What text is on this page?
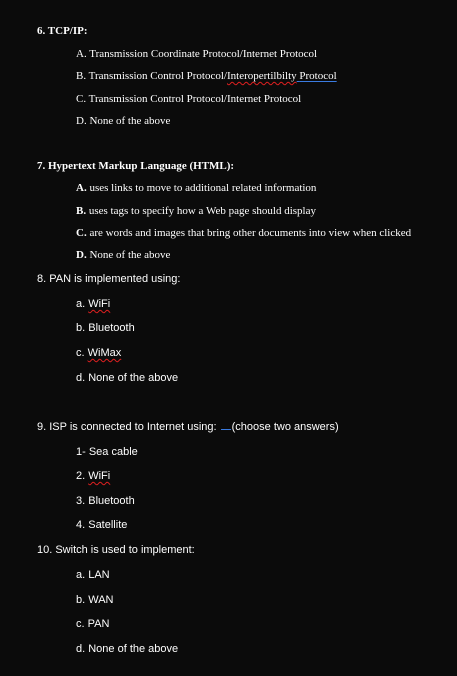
6. TCP/IP:
A. Transmission Coordinate Protocol/Internet Protocol
B. Transmission Control Protocol/Interopertilbilty Protocol
C. Transmission Control Protocol/Internet Protocol
D. None of the above
7. Hypertext Markup Language (HTML):
A. uses links to move to additional related information
B. uses tags to specify how a Web page should display
C. are words and images that bring other documents into view when clicked
D. None of the above
8. PAN is implemented using:
a. WiFi
b. Bluetooth
c. WiMax
d. None of the above
9. ISP is connected to Internet using: (choose two answers)
1- Sea cable
2. WiFi
3. Bluetooth
4. Satellite
10. Switch is used to implement:
a. LAN
b. WAN
c. PAN
d. None of the above
